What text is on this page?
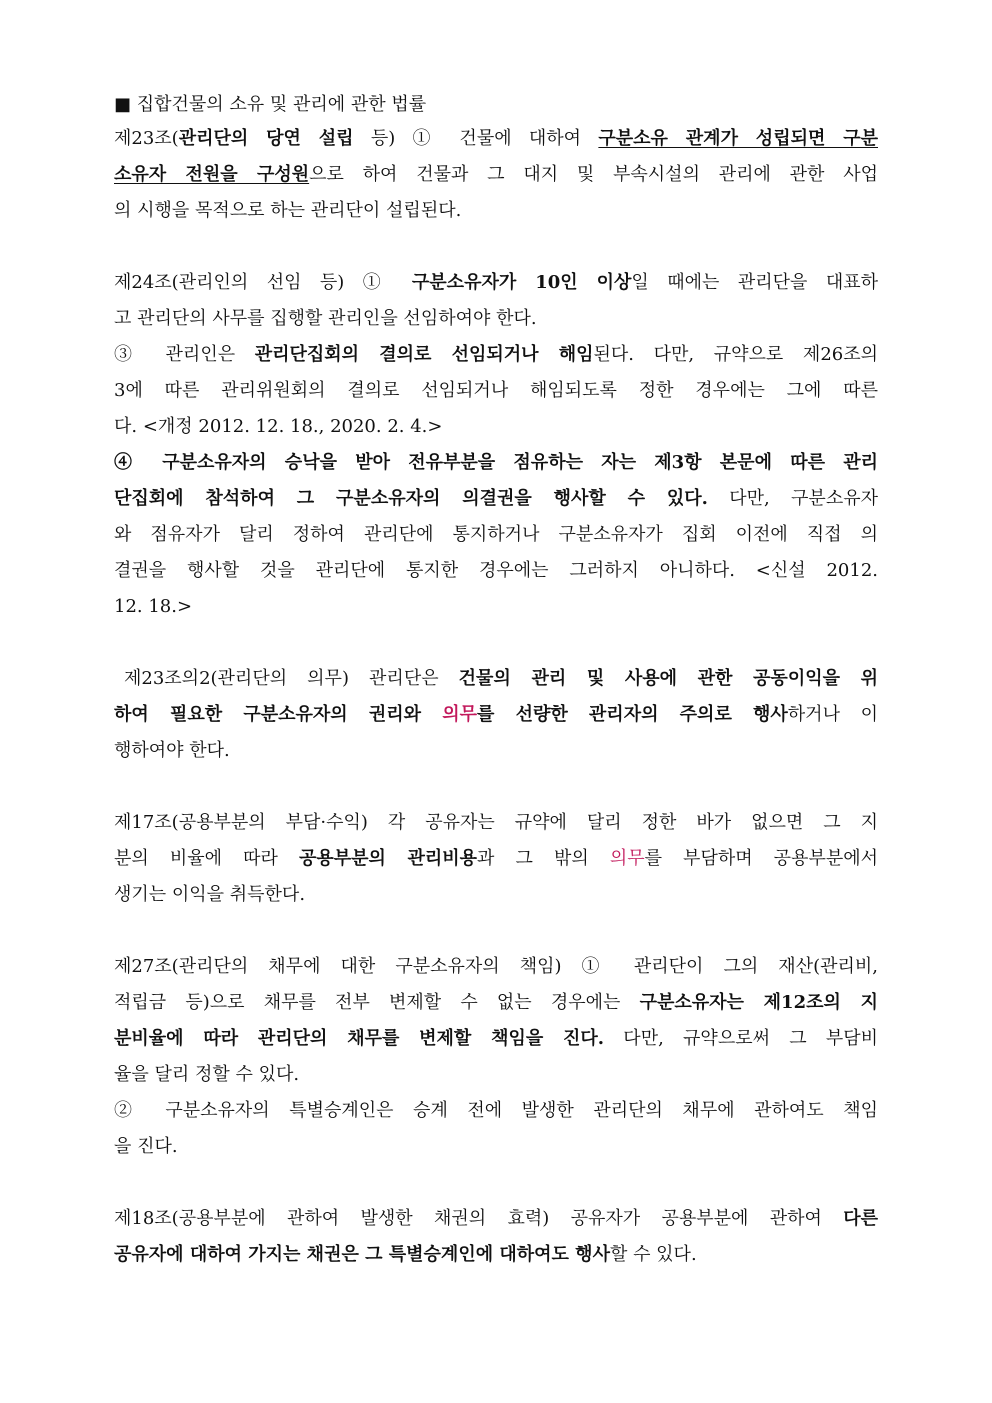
■ 집합건물의 소유 및 관리에 관한 법률
제23조(관리단의 당연 설립 등) ① 건물에 대하여 구분소유 관계가 성립되면 구분
소유자 전원을 구성원으로 하여 건물과 그 대지 및 부속시설의 관리에 관한 사업
의 시행을 목적으로 하는 관리단이 설립된다.
제24조(관리인의 선임 등) ① 구분소유자가 10인 이상일 때에는 관리단을 대표하
고 관리단의 사무를 집행할 관리인을 선임하여야 한다.
③ 관리인은 관리단집회의 결의로 선임되거나 해임된다. 다만, 규약으로 제26조의
3에 따른 관리위원회의 결의로 선임되거나 해임되도록 정한 경우에는 그에 따른
다. <개정 2012. 12. 18., 2020. 2. 4.>
④ 구분소유자의 승낙을 받아 전유부분을 점유하는 자는 제3항 본문에 따른 관리
단집회에 참석하여 그 구분소유자의 의결권을 행사할 수 있다. 다만, 구분소유자
와 점유자가 달리 정하여 관리단에 통지하거나 구분소유자가 집회 이전에 직접 의
결권을 행사할 것을 관리단에 통지한 경우에는 그러하지 아니하다. <신설 2012.
12. 18.>
제23조의2(관리단의 의무) 관리단은 건물의 관리 및 사용에 관한 공동이익을 위
하여 필요한 구분소유자의 권리와 의무를 선량한 관리자의 주의로 행사하거나 이
행하여야 한다.
제17조(공용부분의 부담·수익) 각 공유자는 규약에 달리 정한 바가 없으면 그 지
분의 비율에 따라 공용부분의 관리비용과 그 밖의 의무를 부담하며 공용부분에서
생기는 이익을 취득한다.
제27조(관리단의 채무에 대한 구분소유자의 책임) ① 관리단이 그의 재산(관리비,
적립금 등)으로 채무를 전부 변제할 수 없는 경우에는 구분소유자는 제12조의 지
분비율에 따라 관리단의 채무를 변제할 책임을 진다. 다만, 규약으로써 그 부담비
율을 달리 정할 수 있다.
② 구분소유자의 특별승계인은 승계 전에 발생한 관리단의 채무에 관하여도 책임
을 진다.
제18조(공용부분에 관하여 발생한 채권의 효력) 공유자가 공용부분에 관하여 다른
공유자에 대하여 가지는 채권은 그 특별승계인에 대하여도 행사할 수 있다.
